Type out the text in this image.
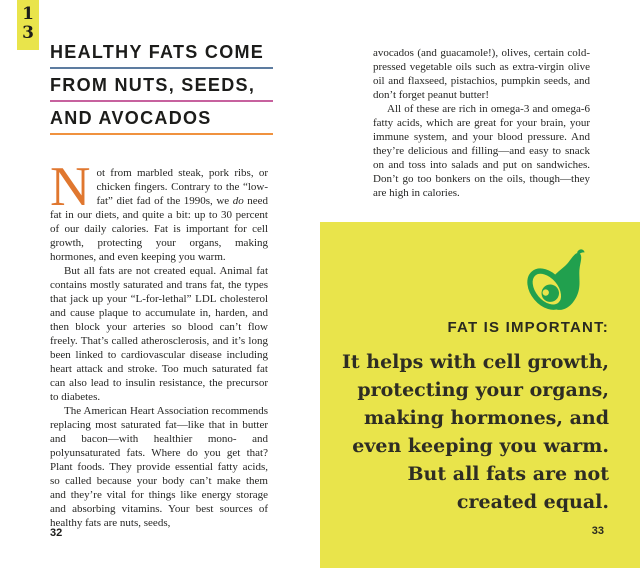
1
3
HEALTHY FATS COME
FROM NUTS, SEEDS,
AND AVOCADOS

Not from marbled steak, pork ribs, or chicken fingers. Contrary to the “low-fat” diet fad of the 1990s, we do need fat in our diets, and quite a bit: up to 30 percent of our daily calories. Fat is important for cell growth, protecting your organs, making hormones, and even keeping you warm.

But all fats are not created equal. Animal fat contains mostly saturated and trans fat, the types that jack up your “L-for-lethal” LDL cholesterol and cause plaque to accumulate in, harden, and then block your arteries so blood can’t flow freely. That’s called atherosclerosis, and it’s long been linked to cardiovascular disease including heart attack and stroke. Too much saturated fat can also lead to insulin resistance, the precursor to diabetes.

The American Heart Association recommends replacing most saturated fat—like that in butter and bacon—with healthier mono- and polyunsaturated fats. Where do you get that? Plant foods. They provide essential fatty acids, so called because your body can’t make them and they’re vital for things like energy storage and absorbing vitamins. Your best sources of healthy fats are nuts, seeds,

32

avocados (and guacamole!), olives, certain cold-pressed vegetable oils such as extra-virgin olive oil and flaxseed, pistachios, pumpkin seeds, and don’t forget peanut butter!

All of these are rich in omega-3 and omega-6 fatty acids, which are great for your brain, your immune system, and your blood pressure. And they’re delicious and filling—and easy to snack on and toss into salads and put on sandwiches. Don’t go too bonkers on the oils, though—they are high in calories.

FAT IS IMPORTANT:
It helps with cell growth,
protecting your organs,
making hormones, and
even keeping you warm.
But all fats are not
created equal.
33
